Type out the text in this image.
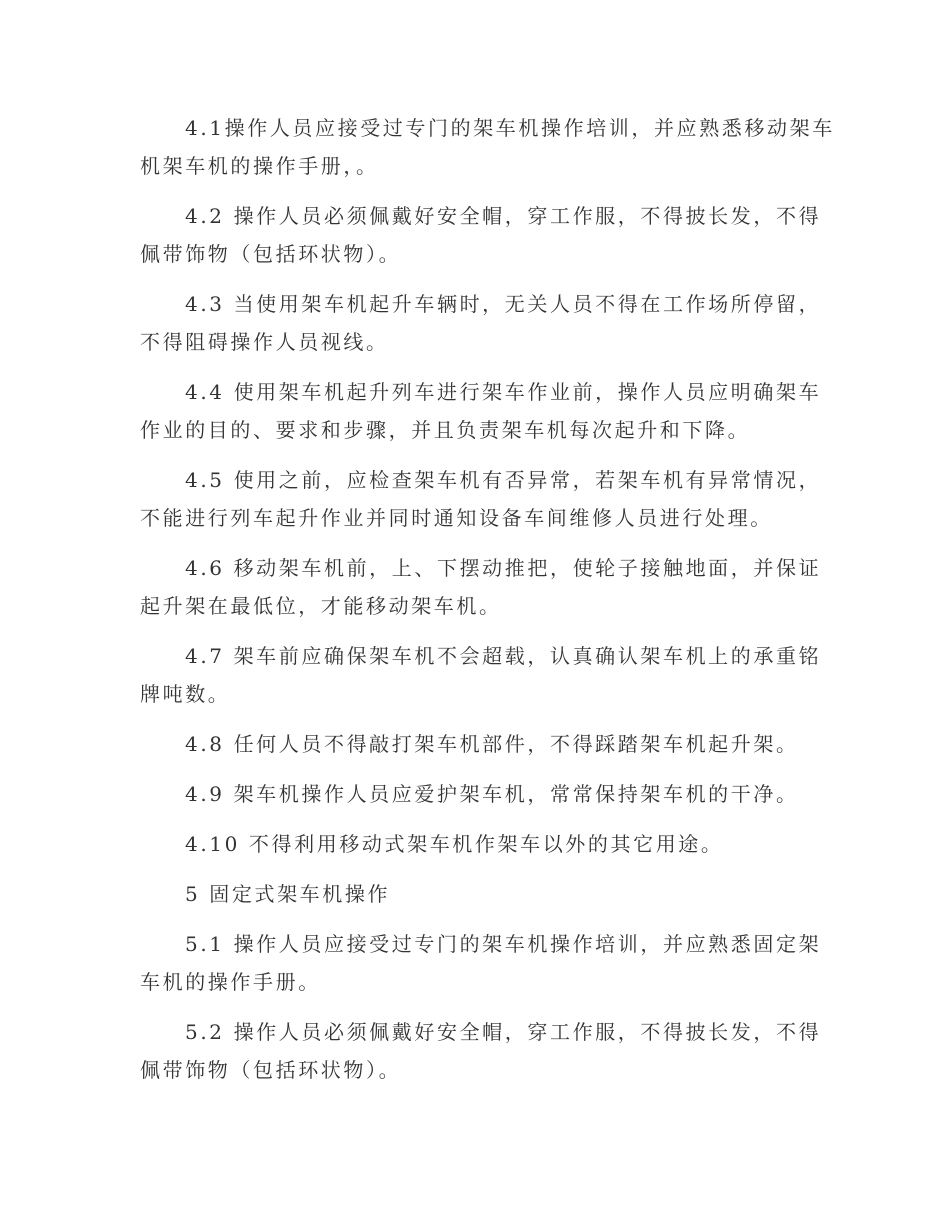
4.1操作人员应接受过专门的架车机操作培训，并应熟悉移动架车
机架车机的操作手册，。
4.2 操作人员必须佩戴好安全帽，穿工作服，不得披长发，不得
佩带饰物（包括环状物）。
4.3 当使用架车机起升车辆时，无关人员不得在工作场所停留，
不得阻碍操作人员视线。
4.4 使用架车机起升列车进行架车作业前，操作人员应明确架车
作业的目的、要求和步骤，并且负责架车机每次起升和下降。
4.5 使用之前，应检查架车机有否异常，若架车机有异常情况，
不能进行列车起升作业并同时通知设备车间维修人员进行处理。
4.6 移动架车机前，上、下摆动推把，使轮子接触地面，并保证
起升架在最低位，才能移动架车机。
4.7 架车前应确保架车机不会超载，认真确认架车机上的承重铭
牌吨数。
4.8 任何人员不得敲打架车机部件，不得踩踏架车机起升架。
4.9 架车机操作人员应爱护架车机，常常保持架车机的干净。
4.10 不得利用移动式架车机作架车以外的其它用途。
5 固定式架车机操作
5.1 操作人员应接受过专门的架车机操作培训，并应熟悉固定架
车机的操作手册。
5.2 操作人员必须佩戴好安全帽，穿工作服，不得披长发，不得
佩带饰物（包括环状物）。
